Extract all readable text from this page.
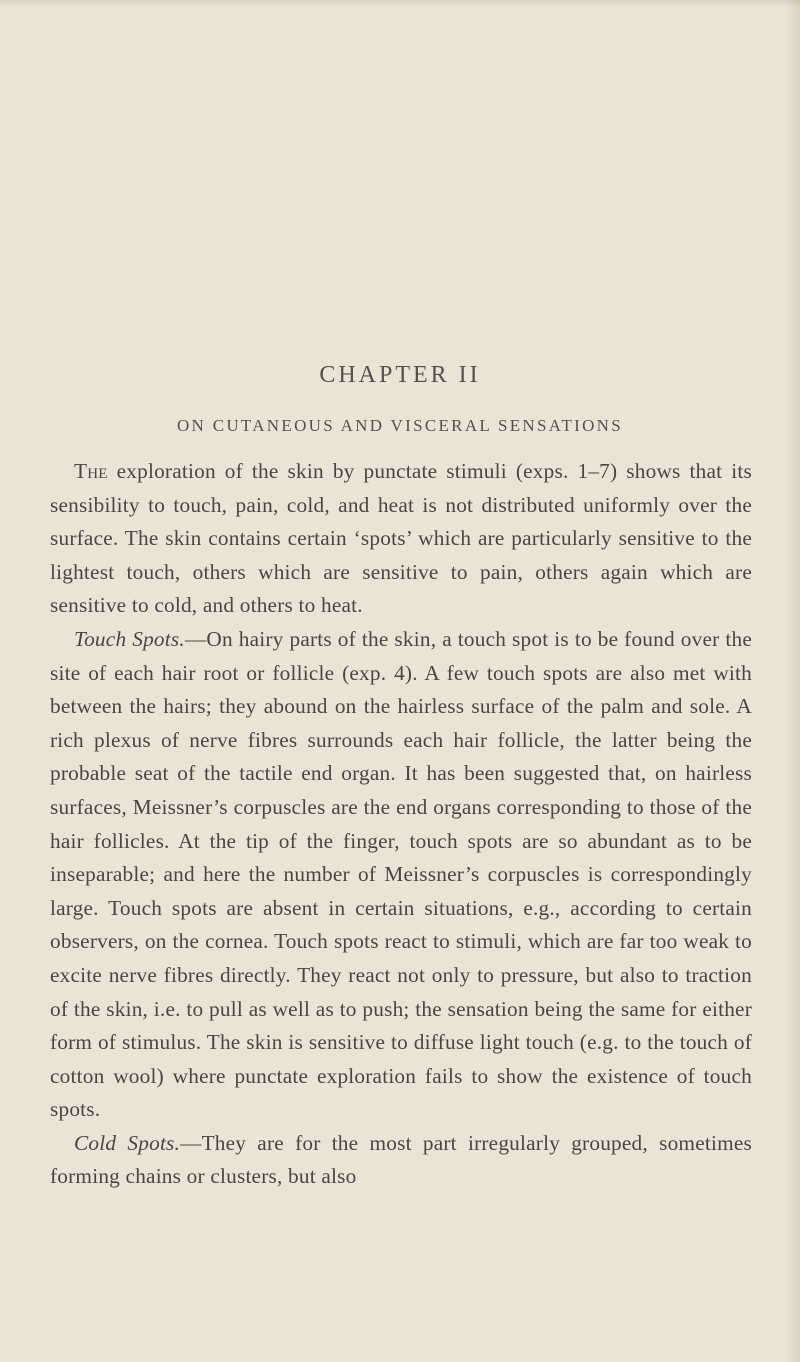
CHAPTER II
ON CUTANEOUS AND VISCERAL SENSATIONS

The exploration of the skin by punctate stimuli (exps. 1–7) shows that its sensibility to touch, pain, cold, and heat is not distributed uniformly over the surface. The skin contains certain ‘spots’ which are particularly sensitive to the lightest touch, others which are sensitive to pain, others again which are sensitive to cold, and others to heat.

Touch Spots.—On hairy parts of the skin, a touch spot is to be found over the site of each hair root or follicle (exp. 4). A few touch spots are also met with between the hairs; they abound on the hairless surface of the palm and sole. A rich plexus of nerve fibres surrounds each hair follicle, the latter being the probable seat of the tactile end organ. It has been suggested that, on hairless surfaces, Meissner’s corpuscles are the end organs corresponding to those of the hair follicles. At the tip of the finger, touch spots are so abundant as to be inseparable; and here the number of Meissner’s corpuscles is correspondingly large. Touch spots are absent in certain situations, e.g., according to certain observers, on the cornea. Touch spots react to stimuli, which are far too weak to excite nerve fibres directly. They react not only to pressure, but also to traction of the skin, i.e. to pull as well as to push; the sensation being the same for either form of stimulus. The skin is sensitive to diffuse light touch (e.g. to the touch of cotton wool) where punctate exploration fails to show the existence of touch spots.

Cold Spots.—They are for the most part irregularly grouped, sometimes forming chains or clusters, but also
